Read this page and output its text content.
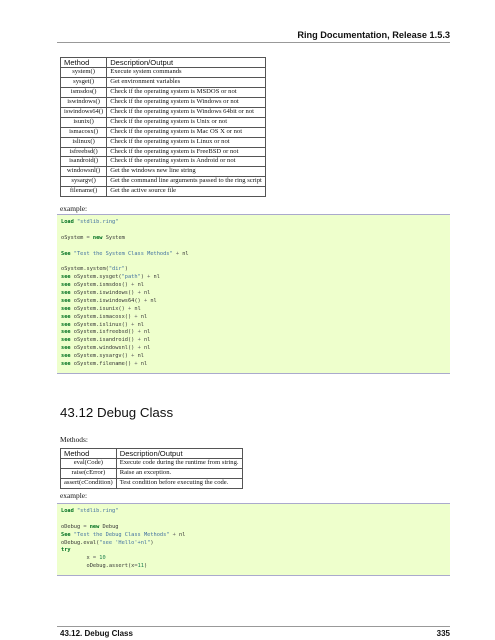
Ring Documentation, Release 1.5.3
Method	Description/Output
system()	Execute system commands
sysget()	Get environment variables
ismsdos()	Check if the operating system is MSDOS or not
iswindows()	Check if the operating system is Windows or not
iswindows64()	Check if the operating system is Windows 64bit or not
isunix()	Check if the operating system is Unix or not
ismacosx()	Check if the operating system is Mac OS X or not
islinux()	Check if the operating system is Linux or not
isfreebsd()	Check if the operating system is FreeBSD or not
isandroid()	Check if the operating system is Android or not
windowsnl()	Get the windows new line string
sysargv()	Get the command line arguments passed to the ring script
filename()	Get the active source file
example:
Load "stdlib.ring"
oSystem = new System
See "Test the System Class Methods" + nl
oSystem.system("dir")
see oSystem.sysget("path") + nl
see oSystem.ismsdos() + nl
see oSystem.iswindows() + nl
see oSystem.iswindows64() + nl
see oSystem.isunix() + nl
see oSystem.ismacosx() + nl
see oSystem.islinux() + nl
see oSystem.isfreebsd() + nl
see oSystem.isandroid() + nl
see oSystem.windowsnl() + nl
see oSystem.sysargv() + nl
see oSystem.filename() + nl
43.12 Debug Class
Methods:
Method	Description/Output
eval(Code)	Execute code during the runtime from string.
raise(cError)	Raise an exception.
assert(cCondition)	Test condition before executing the code.
example:
Load "stdlib.ring"
oDebug = new Debug
See "Test the Debug Class Methods" + nl
oDebug.eval("see 'Hello'+nl")
try
x = 10
oDebug.assert(x=11)
43.12. Debug Class	335
